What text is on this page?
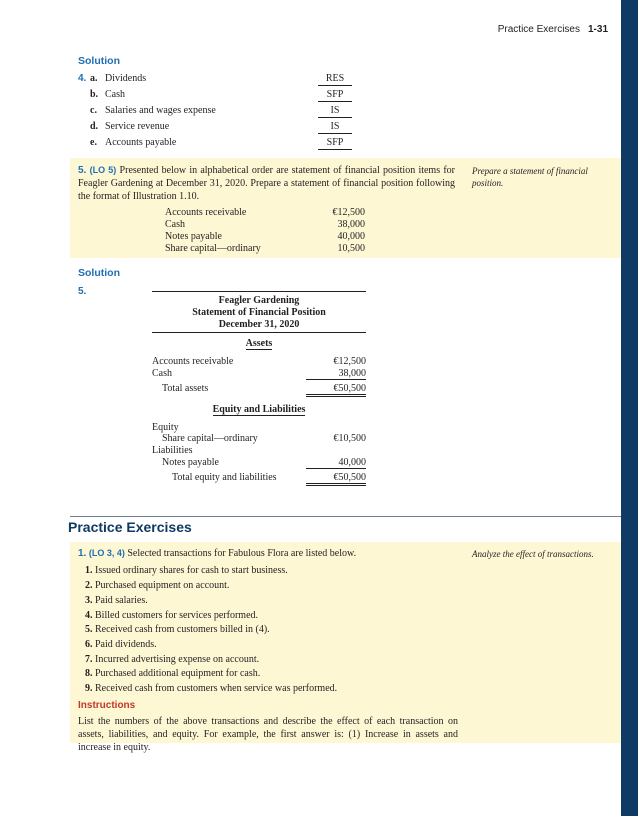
Practice Exercises 1-31
Solution
4. a. Dividends	RES
b. Cash	SFP
c. Salaries and wages expense	IS
d. Service revenue	IS
e. Accounts payable	SFP
5. (LO 5) Presented below in alphabetical order are statement of financial position items for Feagler Gardening at December 31, 2020. Prepare a statement of financial position following the format of Illustration 1.10.
Prepare a statement of financial position.
Accounts receivable	€12,500
Cash	38,000
Notes payable	40,000
Share capital—ordinary	10,500
Solution
5.
Feagler Gardening
Statement of Financial Position
December 31, 2020
Assets
Accounts receivable	€12,500
Cash	38,000
Total assets	€50,500
Equity and Liabilities
Equity
Share capital—ordinary	€10,500
Liabilities
Notes payable	40,000
Total equity and liabilities	€50,500
Practice Exercises
1. (LO 3, 4) Selected transactions for Fabulous Flora are listed below.	Analyze the effect of transactions.
1. Issued ordinary shares for cash to start business.
2. Purchased equipment on account.
3. Paid salaries.
4. Billed customers for services performed.
5. Received cash from customers billed in (4).
6. Paid dividends.
7. Incurred advertising expense on account.
8. Purchased additional equipment for cash.
9. Received cash from customers when service was performed.
Instructions
List the numbers of the above transactions and describe the effect of each transaction on assets, liabilities, and equity. For example, the first answer is: (1) Increase in assets and increase in equity.
